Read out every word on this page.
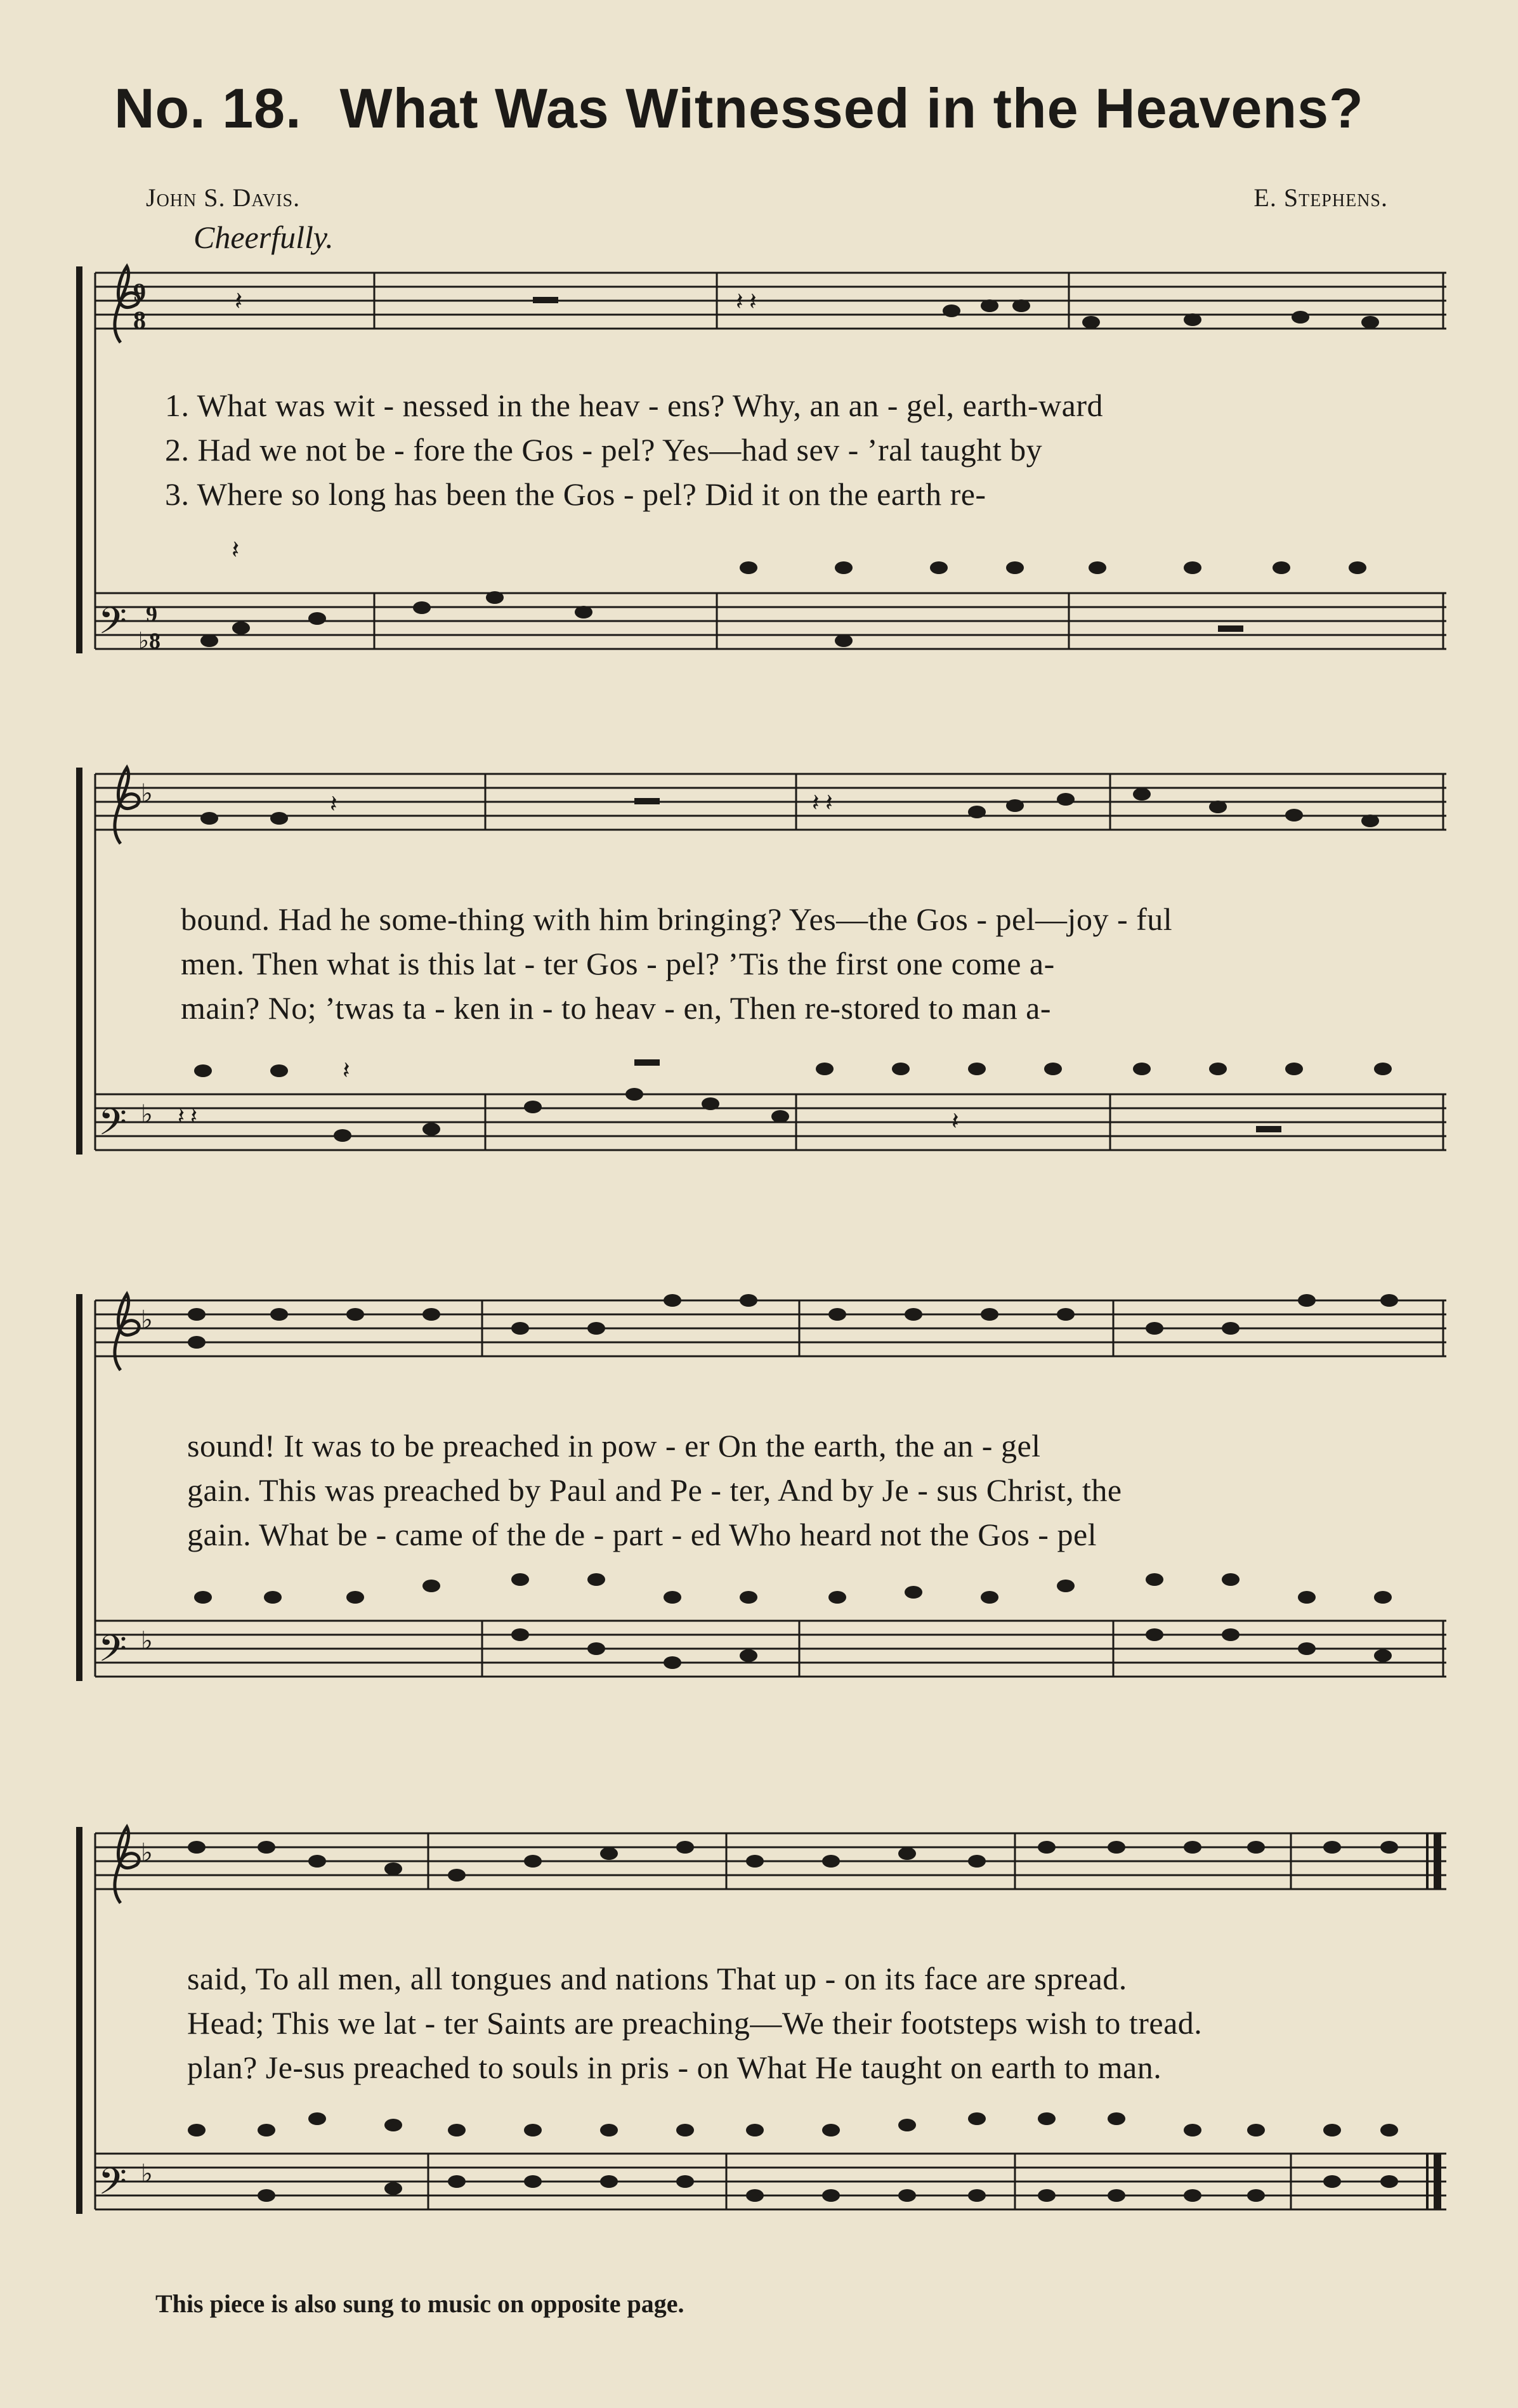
No. 18. What Was Witnessed in the Heavens?
John S. Davis.	E. Stephens.
Cheerfully.
9
8
𝄢 9
♭8
𝄽	𝄽 𝄽
𝄽
1. What was wit - nessed in the heav - ens? Why, an an - gel, earth-ward
2. Had we not be - fore the Gos - pel? Yes—had sev - ’ral taught by
3. Where so long has been the Gos - pel? Did it on the earth re-
𝄢
♭
♭
𝄽	𝄽 𝄽
𝄽 𝄽	𝄽
𝄽
bound. Had he some-thing with him bringing? Yes—the Gos - pel—joy - ful
men. Then what is this lat - ter Gos - pel? ’Tis the first one come a-
main? No; ’twas ta - ken in - to heav - en, Then re-stored to man a-
𝄢
♭
♭
sound! It was to be preached in pow - er On the earth, the an - gel
gain. This was preached by Paul and Pe - ter, And by Je - sus Christ, the
gain. What be - came of the de - part - ed Who heard not the Gos - pel
𝄢
♭
♭
said, To all men, all tongues and nations That up - on its face are spread.
Head; This we lat - ter Saints are preaching—We their footsteps wish to tread.
plan? Je-sus preached to souls in pris - on What He taught on earth to man.
This piece is also sung to music on opposite page.
